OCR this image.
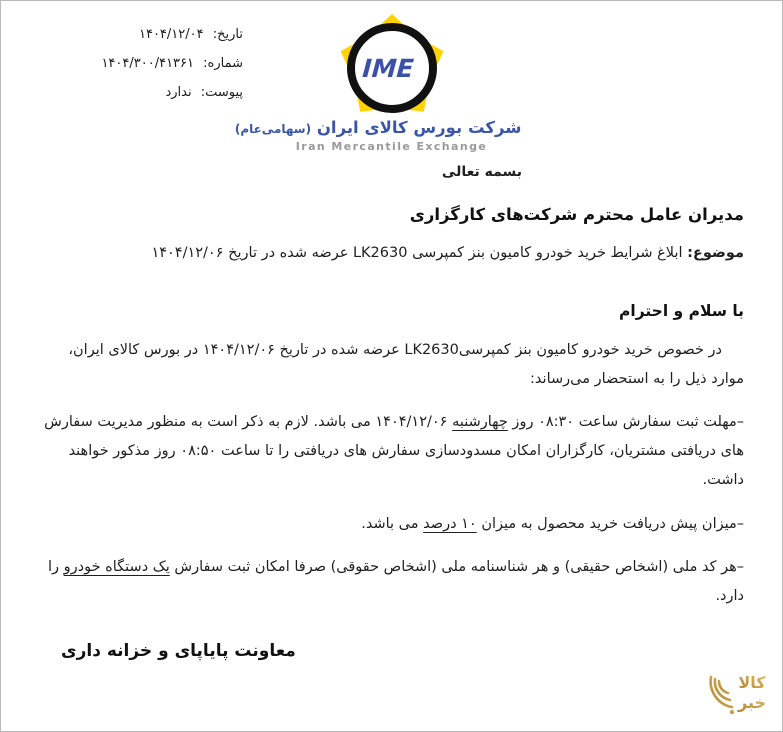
تاریخ: ۱۴۰۴/۱۲/۰۴
شماره: ۱۴۰۴/۳۰۰/۴۱۳۶۱
پیوست: ندارد
IME
شرکت بورس کالای ایران (سهامی‌عام)
Iran Mercantile Exchange

بسمه تعالی

مدیران عامل محترم شرکت‌های کارگزاری

موضوع: ابلاغ شرایط خرید خودرو کامیون بنز کمپرسی LK2630 عرضه شده در تاریخ ۱۴۰۴/۱۲/۰۶

با سلام و احترام

در خصوص خرید خودرو کامیون بنز کمپرسی‏LK2630 عرضه شده در تاریخ ۱۴۰۴/۱۲/۰۶ در بورس کالای ایران، موارد ذیل را به استحضار می‌رساند:

–مهلت ثبت سفارش ساعت ۰۸:۳۰ روز چهارشنبه ۱۴۰۴/۱۲/۰۶ می باشد. لازم به ذکر است به منظور مدیریت سفارش های دریافتی مشتریان، کارگزاران امکان مسدودسازی سفارش های دریافتی را تا ساعت ۰۸:۵۰ روز مذکور خواهند داشت.

–میزان پیش دریافت خرید محصول به میزان ۱۰ درصد می باشد.

–هر کد ملی (اشخاص حقیقی) و هر شناسنامه ملی (اشخاص حقوقی) صرفا امکان ثبت سفارش یک دستگاه خودرو را دارد.

معاونت پایاپای و خزانه داری
کالا
خبر
